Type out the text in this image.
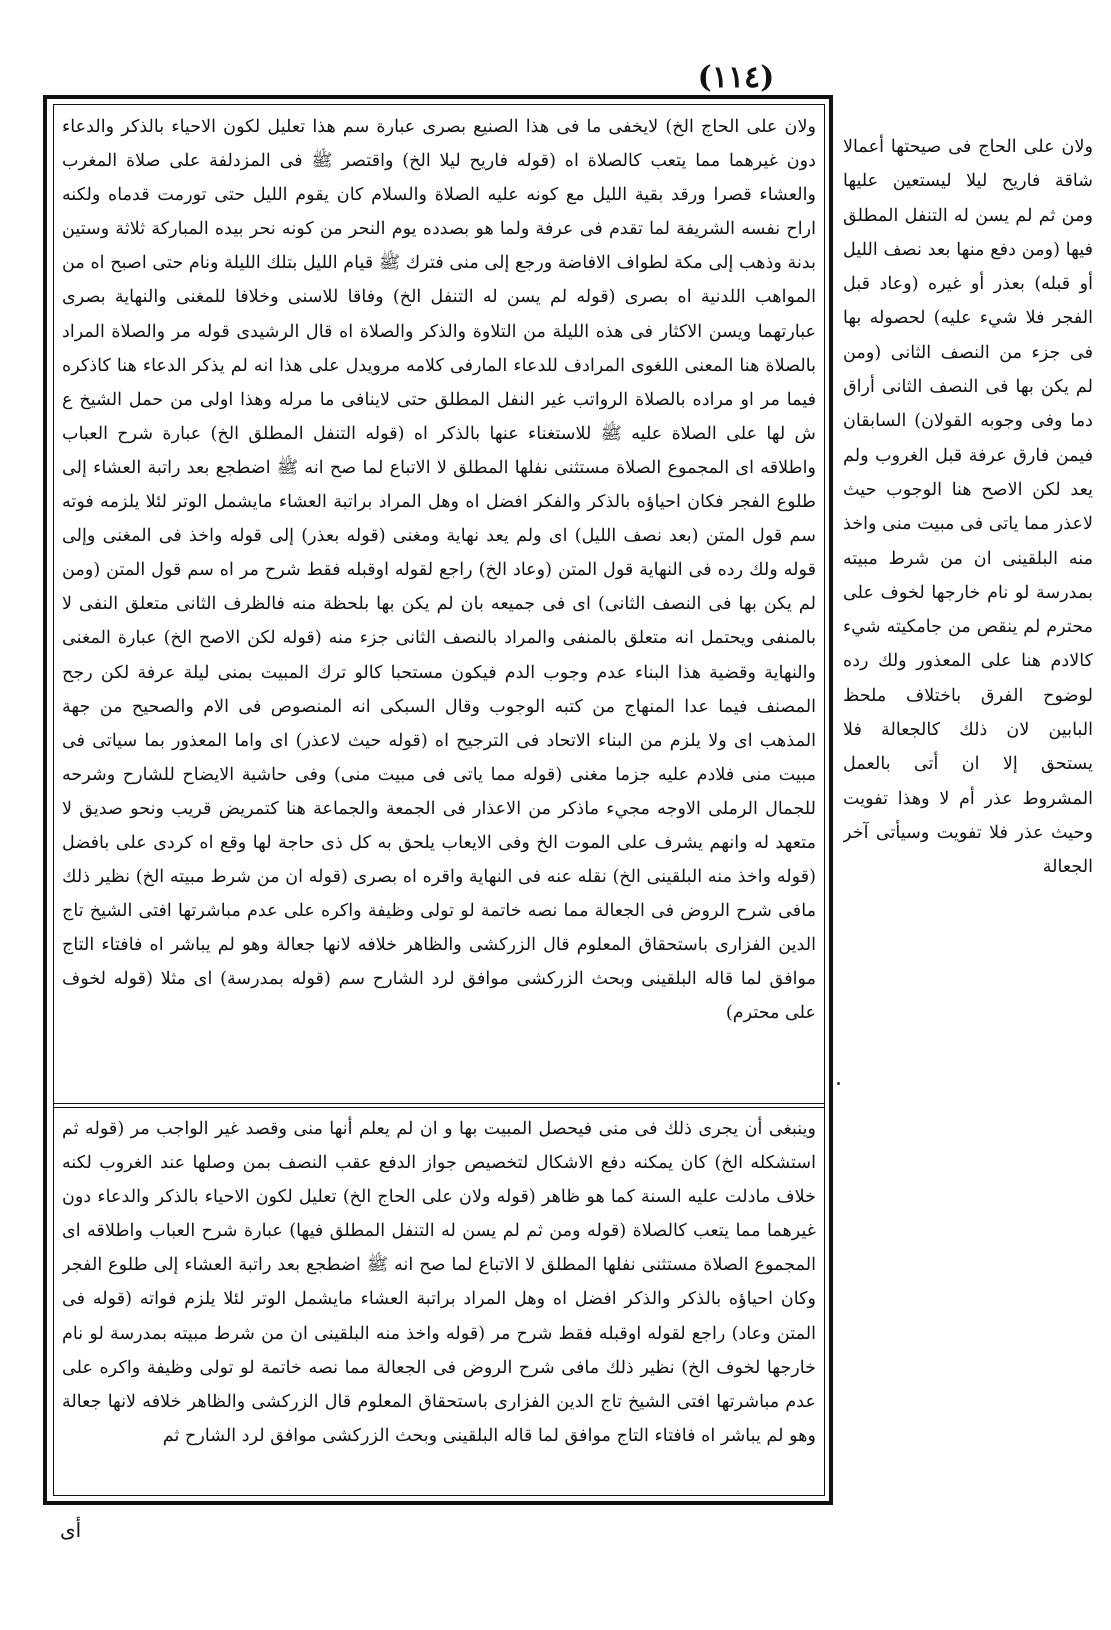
(١١٤)
ولان على الحاج الخ) لايخفى ما فى هذا الصنيع بصرى عبارة سم هذا تعليل لكون الاحياء بالذكر والدعاء دون غيرهما مما يتعب كالصلاة اه (قوله فاريح ليلا الخ) واقتصر ﷺ فى المزدلفة على صلاة المغرب والعشاء قصرا ورقد بقية الليل مع كونه عليه الصلاة والسلام كان يقوم الليل حتى تورمت قدماه ولكنه اراح نفسه الشريفة لما تقدم فى عرفة ولما هو بصدده يوم النحر من كونه نحر بيده المباركة ثلاثة وستين بدنة وذهب إلى مكة لطواف الافاضة ورجع إلى منى فترك ﷺ قيام الليل بتلك الليلة ونام حتى اصبح اه من المواهب اللدنية اه بصرى (قوله لم يسن له التنفل الخ) وفاقا للاسنى وخلافا للمغنى والنهاية بصرى عبارتهما ويسن الاكثار فى هذه الليلة من التلاوة والذكر والصلاة اه قال الرشيدى قوله مر والصلاة المراد بالصلاة هنا المعنى اللغوى المرادف للدعاء المارفى كلامه مرويدل على هذا انه لم يذكر الدعاء هنا كاذكره فيما مر او مراده بالصلاة الرواتب غير النفل المطلق حتى لاينافى ما مرله وهذا اولى من حمل الشيخ ع ش لها على الصلاة عليه ﷺ للاستغناء عنها بالذكر اه (قوله التنفل المطلق الخ) عبارة شرح العباب واطلاقه اى المجموع الصلاة مستثنى نفلها المطلق لا الاتباع لما صح انه ﷺ اضطجع بعد راتبة العشاء إلى طلوع الفجر فكان احياؤه بالذكر والفكر افضل اه وهل المراد براتبة العشاء مايشمل الوتر لئلا يلزمه فوته سم قول المتن (بعد نصف الليل) اى ولم يعد نهاية ومغنى (قوله بعذر) إلى قوله واخذ فى المغنى وإلى قوله ولك رده فى النهاية قول المتن (وعاد الخ) راجع لقوله اوقبله فقط شرح مر اه سم قول المتن (ومن لم يكن بها فى النصف الثانى) اى فى جميعه بان لم يكن بها بلحظة منه فالظرف الثانى متعلق النفى لا بالمنفى ويحتمل انه متعلق بالمنفى والمراد بالنصف الثانى جزء منه (قوله لكن الاصح الخ) عبارة المغنى والنهاية وقضية هذا البناء عدم وجوب الدم فيكون مستحبا كالو ترك المبيت بمنى ليلة عرفة لكن رجح المصنف فيما عدا المنهاج من كتبه الوجوب وقال السبكى انه المنصوص فى الام والصحيح من جهة المذهب اى ولا يلزم من البناء الاتحاد فى الترجيح اه (قوله حيث لاعذر) اى واما المعذور بما سياتى فى مبيت منى فلادم عليه جزما مغنى (قوله مما ياتى فى مبيت منى) وفى حاشية الايضاح للشارح وشرحه للجمال الرملى الاوجه مجيء ماذكر من الاعذار فى الجمعة والجماعة هنا كتمريض قريب ونحو صديق لا متعهد له وانهم يشرف على الموت الخ وفى الايعاب يلحق به كل ذى حاجة لها وقع اه كردى على بافضل (قوله واخذ منه البلقينى الخ) نقله عنه فى النهاية واقره اه بصرى (قوله ان من شرط مبيته الخ) نظير ذلك مافى شرح الروض فى الجعالة مما نصه خاتمة لو تولى وظيفة واكره على عدم مباشرتها افتى الشيخ تاج الدين الفزارى باستحقاق المعلوم قال الزركشى والظاهر خلافه لانها جعالة وهو لم يباشر اه فافتاء التاج موافق لما قاله البلقينى وبحث الزركشى موافق لرد الشارح سم (قوله بمدرسة) اى مثلا (قوله لخوف على محترم)
وينبغى أن يجرى ذلك فى منى فيحصل المبيت بها و ان لم يعلم أنها منى وقصد غير الواجب مر (قوله ثم استشكله الخ) كان يمكنه دفع الاشكال لتخصيص جواز الدفع عقب النصف بمن وصلها عند الغروب لكنه خلاف مادلت عليه السنة كما هو ظاهر (قوله ولان على الحاج الخ) تعليل لكون الاحياء بالذكر والدعاء دون غيرهما مما يتعب كالصلاة (قوله ومن ثم لم يسن له التنفل المطلق فيها) عبارة شرح العباب واطلاقه اى المجموع الصلاة مستثنى نفلها المطلق لا الاتباع لما صح انه ﷺ اضطجع بعد راتبة العشاء إلى طلوع الفجر وكان احياؤه بالذكر والذكر افضل اه وهل المراد براتبة العشاء مايشمل الوتر لئلا يلزم فواته (قوله فى المتن وعاد) راجع لقوله اوقبله فقط شرح مر (قوله واخذ منه البلقينى ان من شرط مبيته بمدرسة لو نام خارجها لخوف الخ) نظير ذلك مافى شرح الروض فى الجعالة مما نصه خاتمة لو تولى وظيفة واكره على عدم مباشرتها افتى الشيخ تاج الدين الفزارى باستحقاق المعلوم قال الزركشى والظاهر خلافه لانها جعالة وهو لم يباشر اه فافتاء التاج موافق لما قاله البلقينى وبحث الزركشى موافق لرد الشارح ثم
ولان على الحاج فى صيحتها أعمالا شاقة فاريح ليلا ليستعين عليها ومن ثم لم يسن له التنفل المطلق فيها (ومن دفع منها بعد نصف الليل أو قبله) بعذر أو غيره (وعاد قبل الفجر فلا شيء عليه) لحصوله بها فى جزء من النصف الثانى (ومن لم يكن بها فى النصف الثانى أراق دما وفى وجوبه القولان) السابقان فيمن فارق عرفة قبل الغروب ولم يعد لكن الاصح هنا الوجوب حيث لاعذر مما ياتى فى مبيت منى واخذ منه البلقينى ان من شرط مبيته بمدرسة لو نام خارجها لخوف على محترم لم ينقص من جامكيته شيء كالادم هنا على المعذور ولك رده لوضوح الفرق باختلاف ملحظ البابين لان ذلك كالجعالة فلا يستحق إلا ان أتى بالعمل المشروط عذر أم لا وهذا تفويت وحيث عذر فلا تفويت وسيأتى آخر الجعالة
أى
